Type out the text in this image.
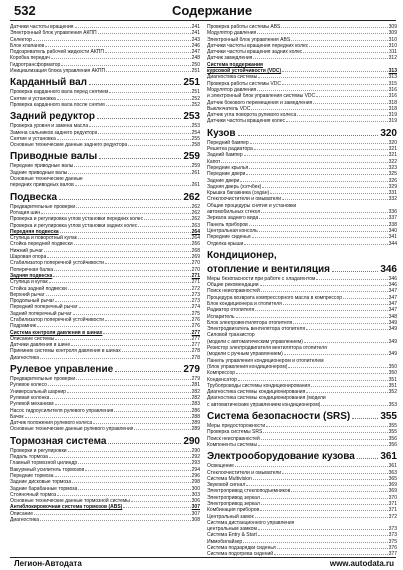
532	Содержание
Датчики частоты вращения	241
Электронный блок управления АКПП	241
Селектор	243
Блок клапанов	246
Подозреватель рабочей жидкости АКПП	247
Коробка передач	248
Гидротрансформатор	250
Инициализация блока управления АКПП	251
Карданный вал	251
Проверка карданного вала перед снятием	251
Снятие и установка	252
Проверка карданного вала после снятия	252
Задний редуктор	253
Проверка уровня и замена масла	253
Замена сальников заднего редуктора	254
Снятие и установка	255
Основные технические данные заднего редуктора	258
Приводные валы	259
Передние приводные валы	259
Задние приводные валы	261
Основные технические данные
передних приводных валов	261
Подвеска	262
Предварительные проверки	262
Ротация шин	262
Проверка и регулировка углов установки передних колес	262
Проверка и регулировка углов установки задних колес	263
Передняя подвеска	264
Ступица и поворотный кулак	264
Стойка передней подвески	266
Нижний рычаг	268
Шаровая опора	269
Стабилизатор поперечной устойчивости	270
Поперечная балка	270
Задняя подвеска	271
Ступица и кулак	271
Стойка задней подвески	272
Верхний рычаг	273
Продольный рычаг	273
Передний поперечный рычаг	274
Задний поперечный рычаг	275
Стабилизатор поперечной устойчивости	276
Подрамник	276
Система контроля давления в шинах	277
Описание системы	277
Датчики давления в шине	277
Приемник системы контроля давления в шинах	278
Диагностика	278
Рулевое управление	279
Предварительные проверки	279
Рулевое колесо	281
Универсальный шарнир	282
Рулевая колонка	282
Рулевой механизм	283
Насос гидроусилителя рулевого управления	286
Бачок	288
Датчик положения рулевого колеса	289
Основные технические данные рулевого управления	289
Тормозная система	290
Проверки и регулировки	290
Педаль тормоза	292
Главный тормозной цилиндр	293
Вакуумный усилитель тормозов	294
Передние тормоза	296
Задние дисковые тормоза	298
Задние барабанные тормоза	300
Стояночный тормоз	303
Основные технические данные тормозной системы	306
Антиблокировочная система тормозов (ABS)	307
Описание	307
Диагностика	308
Проверка работы системы ABS	309
Модулятор давления	309
Электронный блок управления ABS	310
Датчики частоты вращения передних колес	310
Датчики частоты вращения задних колес	311
Датчик замедления	312
Система поддержания
курсовой устойчивости (VDC)	313
Диагностика системы	313
Проверка работы системы VDC	315
Модулятор давления	316
и электронный блок управления системы VDC	316
Датчик бокового перемещения и замедления	318
Выключатель VDC	318
Датчик угла поворота рулевого колеса	319
Датчики частоты вращения колес	319
Кузов	320
Передний бампер	320
Решетка радиатора	321
Задний бампер	321
Капот	322
Передние крылья	323
Передние двери	325
Задние двери	326
Задняя дверь (хэтчбек)	329
Крышка багажника (седан)	331
Стеклоочистители и омыватели	332
Общие процедуры снятия и установки
автомобильных стекол	336
Зеркала заднего вида	337
Панель приборов	338
Центральная консоль	340
Передние сиденья	341
Отделка крыши	344
Кондиционер,
отопление и вентиляция	346
Меры безопасности при работе с хладагентом	346
Общие рекомендации	346
Поиск неисправностей	347
Процедура возврата компрессорного масла в компрессор	347
Блок кондиционера и отопителя	347
Радиатор отопителя	347
Испаритель	348
Блок электровентилятора отопителя	349
Электродвигатель вентилятора отопителя	349
Силовой транзистор
(модели с автоматическим управлением)	349
Резистор электродвигателя вентилятора отопителя
(модели с ручным управлением)	349
Панель управления кондиционером и отопителем
(блок управления кондиционером)	350
Компрессор	350
Конденсатор	351
Трубопроводы системы кондиционирования	351
Диагностика системы кондиционирования	352
Диагностика системы кондиционирования (модели
с автоматическим управлением кондиционером)	353
Система безопасности (SRS)	355
Меры предосторожности	355
Проверка системы SRS	355
Поиск неисправностей	356
Компоненты системы	356
Электрооборудование кузова	361
Освещение	361
Стеклоочистители и омыватели	363
Система Multivision	365
Звуковой сигнал	369
Электропривод стеклоподъемников	369
Электропривод зеркал	370
Электропривод зеркал	371
Комбинация приборов	371
Центральный замок	372
Система дистанционного управления
центральным замком	373
Система Entry & Start	373
Иммобилайзер	375
Система подзарядки сиденья	376
Система подогрева сидений	377
Легион-Автодата	www.autodata.ru
